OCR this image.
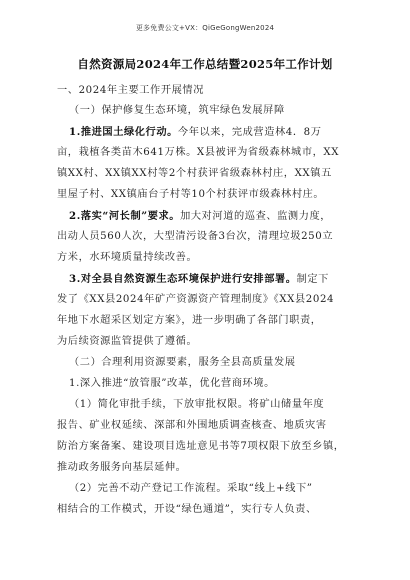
更多免费公文+VX：QiGeGongWen2024
自然资源局2024年工作总结暨2025年工作计划
一、2024年主要工作开展情况
（一）保护修复生态环境，筑牢绿色发展屏障
1.推进国土绿化行动。今年以来，完成营造林4．8万
亩，栽植各类苗木641万株。X县被评为省级森林城市，XX
镇XX村、XX镇XX村等2个村获评省级森林村庄，XX镇五
里屋子村、XX镇庙台子村等10个村获评市级森林村庄。
2.落实“河长制”要求。加大对河道的巡查、监测力度，
出动人员560人次，大型清污设备3台次，清理垃圾250立
方米，水环境质量持续改善。
3.对全县自然资源生态环境保护进行安排部署。制定下
发了《XX县2024年矿产资源资产管理制度》《XX县2024
年地下水超采区划定方案》，进一步明确了各部门职责，
为后续资源监管提供了遵循。
（二）合理利用资源要素，服务全县高质量发展
1.深入推进“放管服”改革，优化营商环境。
（1）简化审批手续，下放审批权限。将矿山储量年度
报告、矿业权延续、深部和外围地质调查核查、地质灾害
防治方案备案、建设项目选址意见书等7项权限下放至乡镇，
推动政务服务向基层延伸。
（2）完善不动产登记工作流程。采取“线上+线下”
相结合的工作模式，开设“绿色通道”，实行专人负责、
